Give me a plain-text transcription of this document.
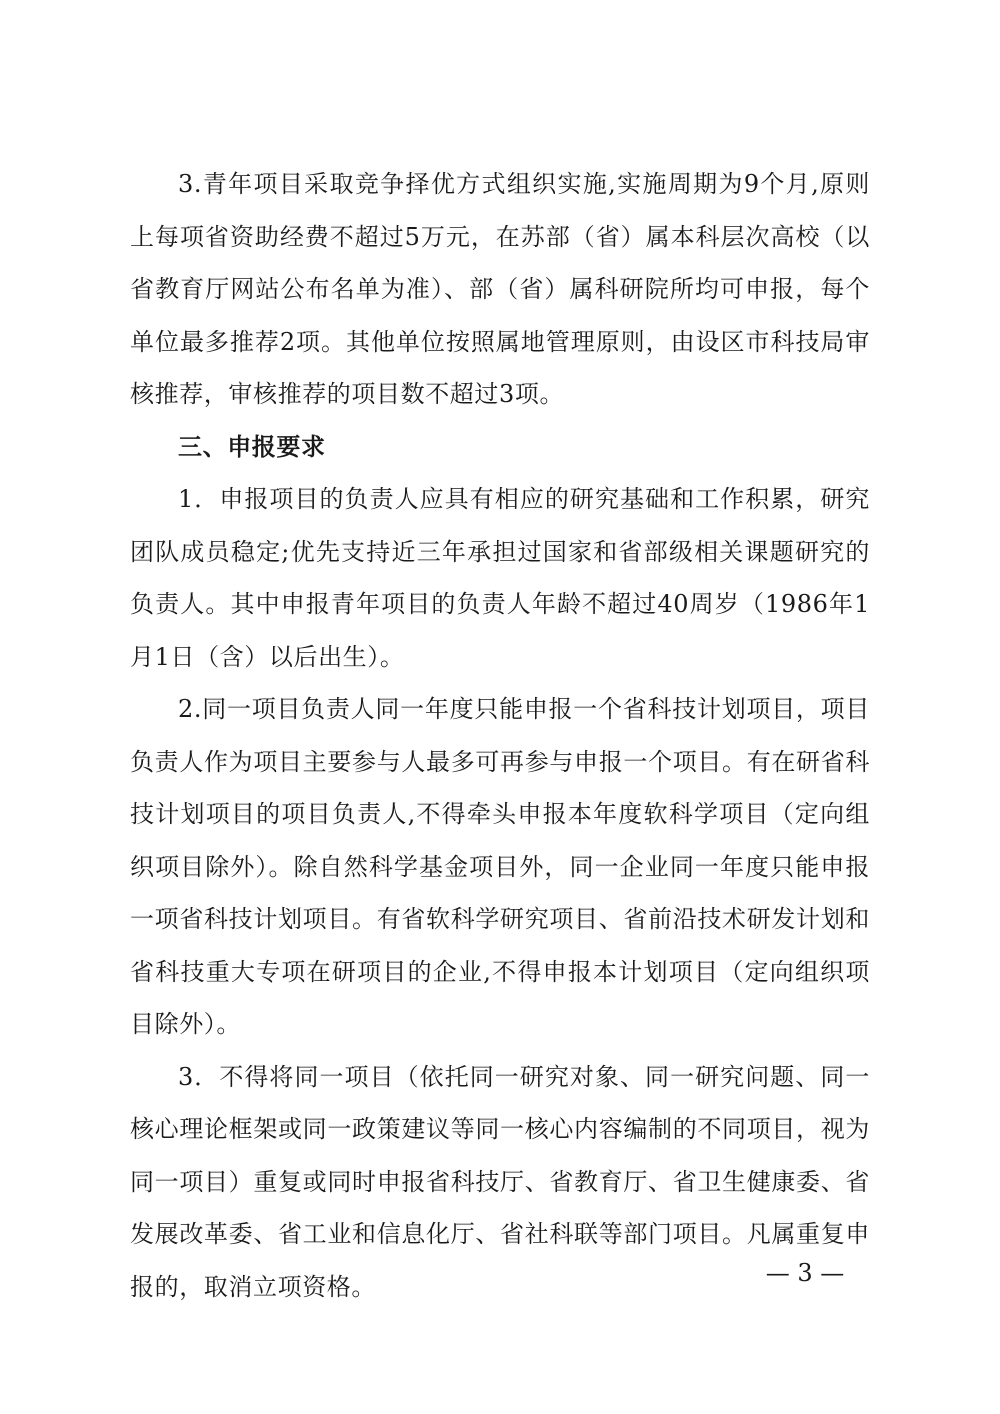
3.青年项目采取竞争择优方式组织实施,实施周期为9个月,原则上每项省资助经费不超过5万元，在苏部（省）属本科层次高校（以省教育厅网站公布名单为准）、部（省）属科研院所均可申报，每个单位最多推荐2项。其他单位按照属地管理原则，由设区市科技局审核推荐，审核推荐的项目数不超过3项。

三、申报要求

1．申报项目的负责人应具有相应的研究基础和工作积累，研究团队成员稳定;优先支持近三年承担过国家和省部级相关课题研究的负责人。其中申报青年项目的负责人年龄不超过40周岁（1986年1月1日（含）以后出生）。

2.同一项目负责人同一年度只能申报一个省科技计划项目，项目负责人作为项目主要参与人最多可再参与申报一个项目。有在研省科技计划项目的项目负责人,不得牵头申报本年度软科学项目（定向组织项目除外）。除自然科学基金项目外，同一企业同一年度只能申报一项省科技计划项目。有省软科学研究项目、省前沿技术研发计划和省科技重大专项在研项目的企业,不得申报本计划项目（定向组织项目除外）。

3．不得将同一项目（依托同一研究对象、同一研究问题、同一核心理论框架或同一政策建议等同一核心内容编制的不同项目，视为同一项目）重复或同时申报省科技厅、省教育厅、省卫生健康委、省发展改革委、省工业和信息化厅、省社科联等部门项目。凡属重复申报的，取消立项资格。	— 3 —
